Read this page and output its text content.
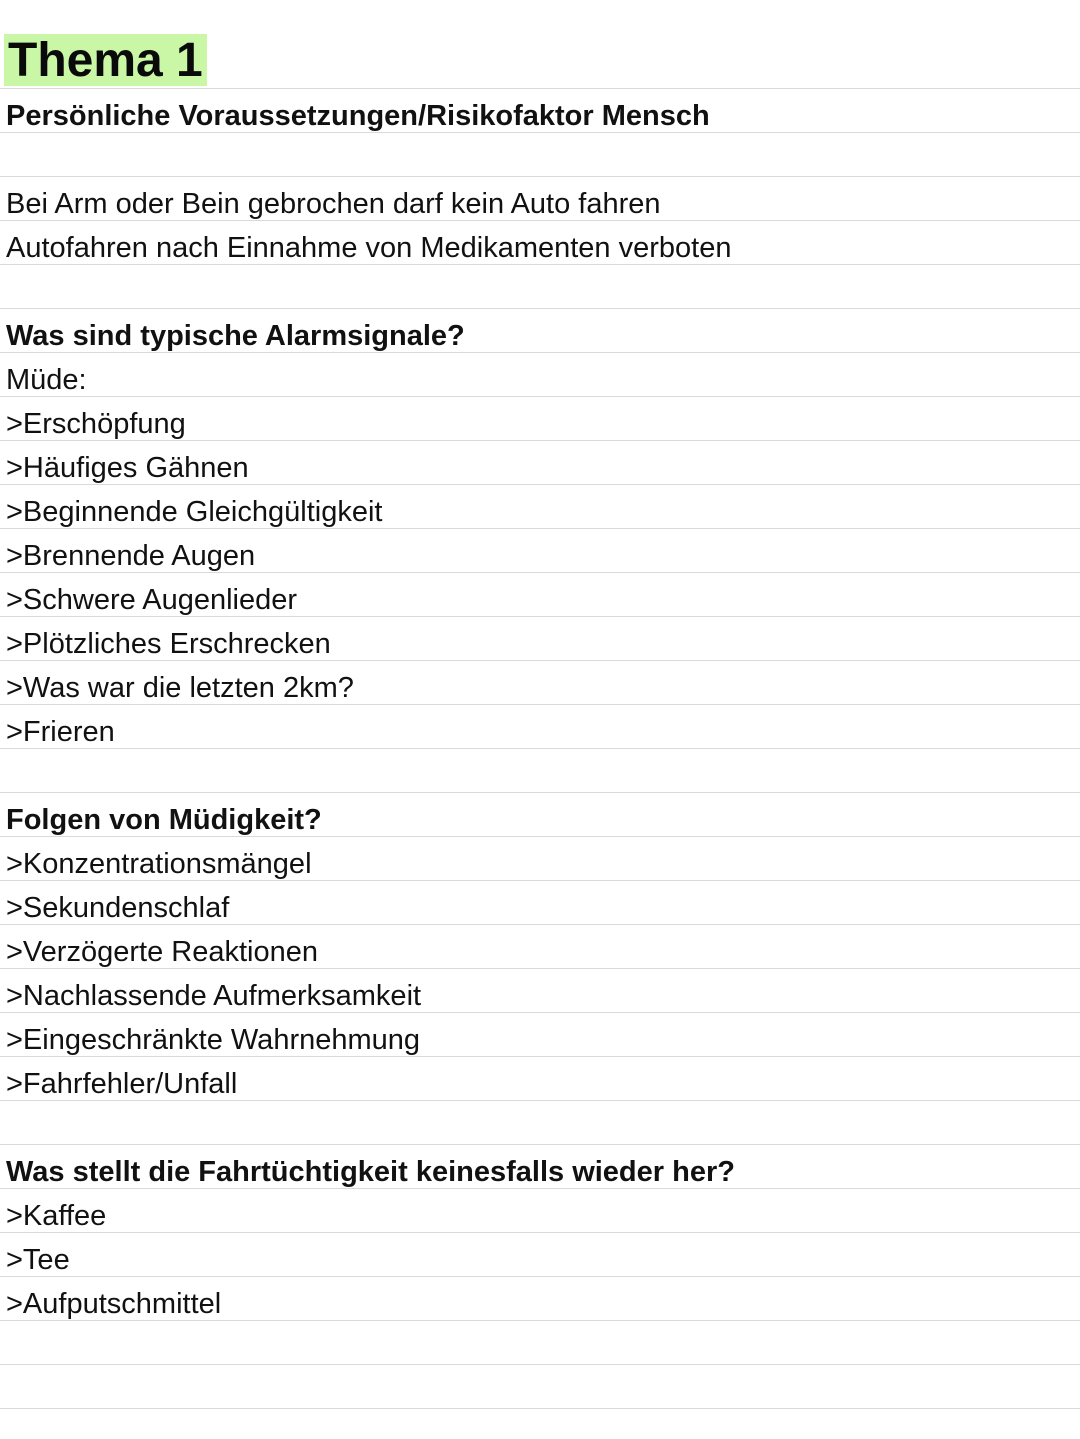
Thema 1
Persönliche Voraussetzungen/Risikofaktor Mensch
Bei Arm oder Bein gebrochen darf kein Auto fahren
Autofahren nach Einnahme von Medikamenten verboten
Was sind typische Alarmsignale?
Müde:
>Erschöpfung
>Häufiges Gähnen
>Beginnende Gleichgültigkeit
>Brennende Augen
>Schwere Augenlieder
>Plötzliches Erschrecken
>Was war die letzten 2km?
>Frieren
Folgen von Müdigkeit?
>Konzentrationsmängel
>Sekundenschlaf
>Verzögerte Reaktionen
>Nachlassende Aufmerksamkeit
>Eingeschränkte Wahrnehmung
>Fahrfehler/Unfall
Was stellt die Fahrtüchtigkeit keinesfalls wieder her?
>Kaffee
>Tee
>Aufputschmittel
